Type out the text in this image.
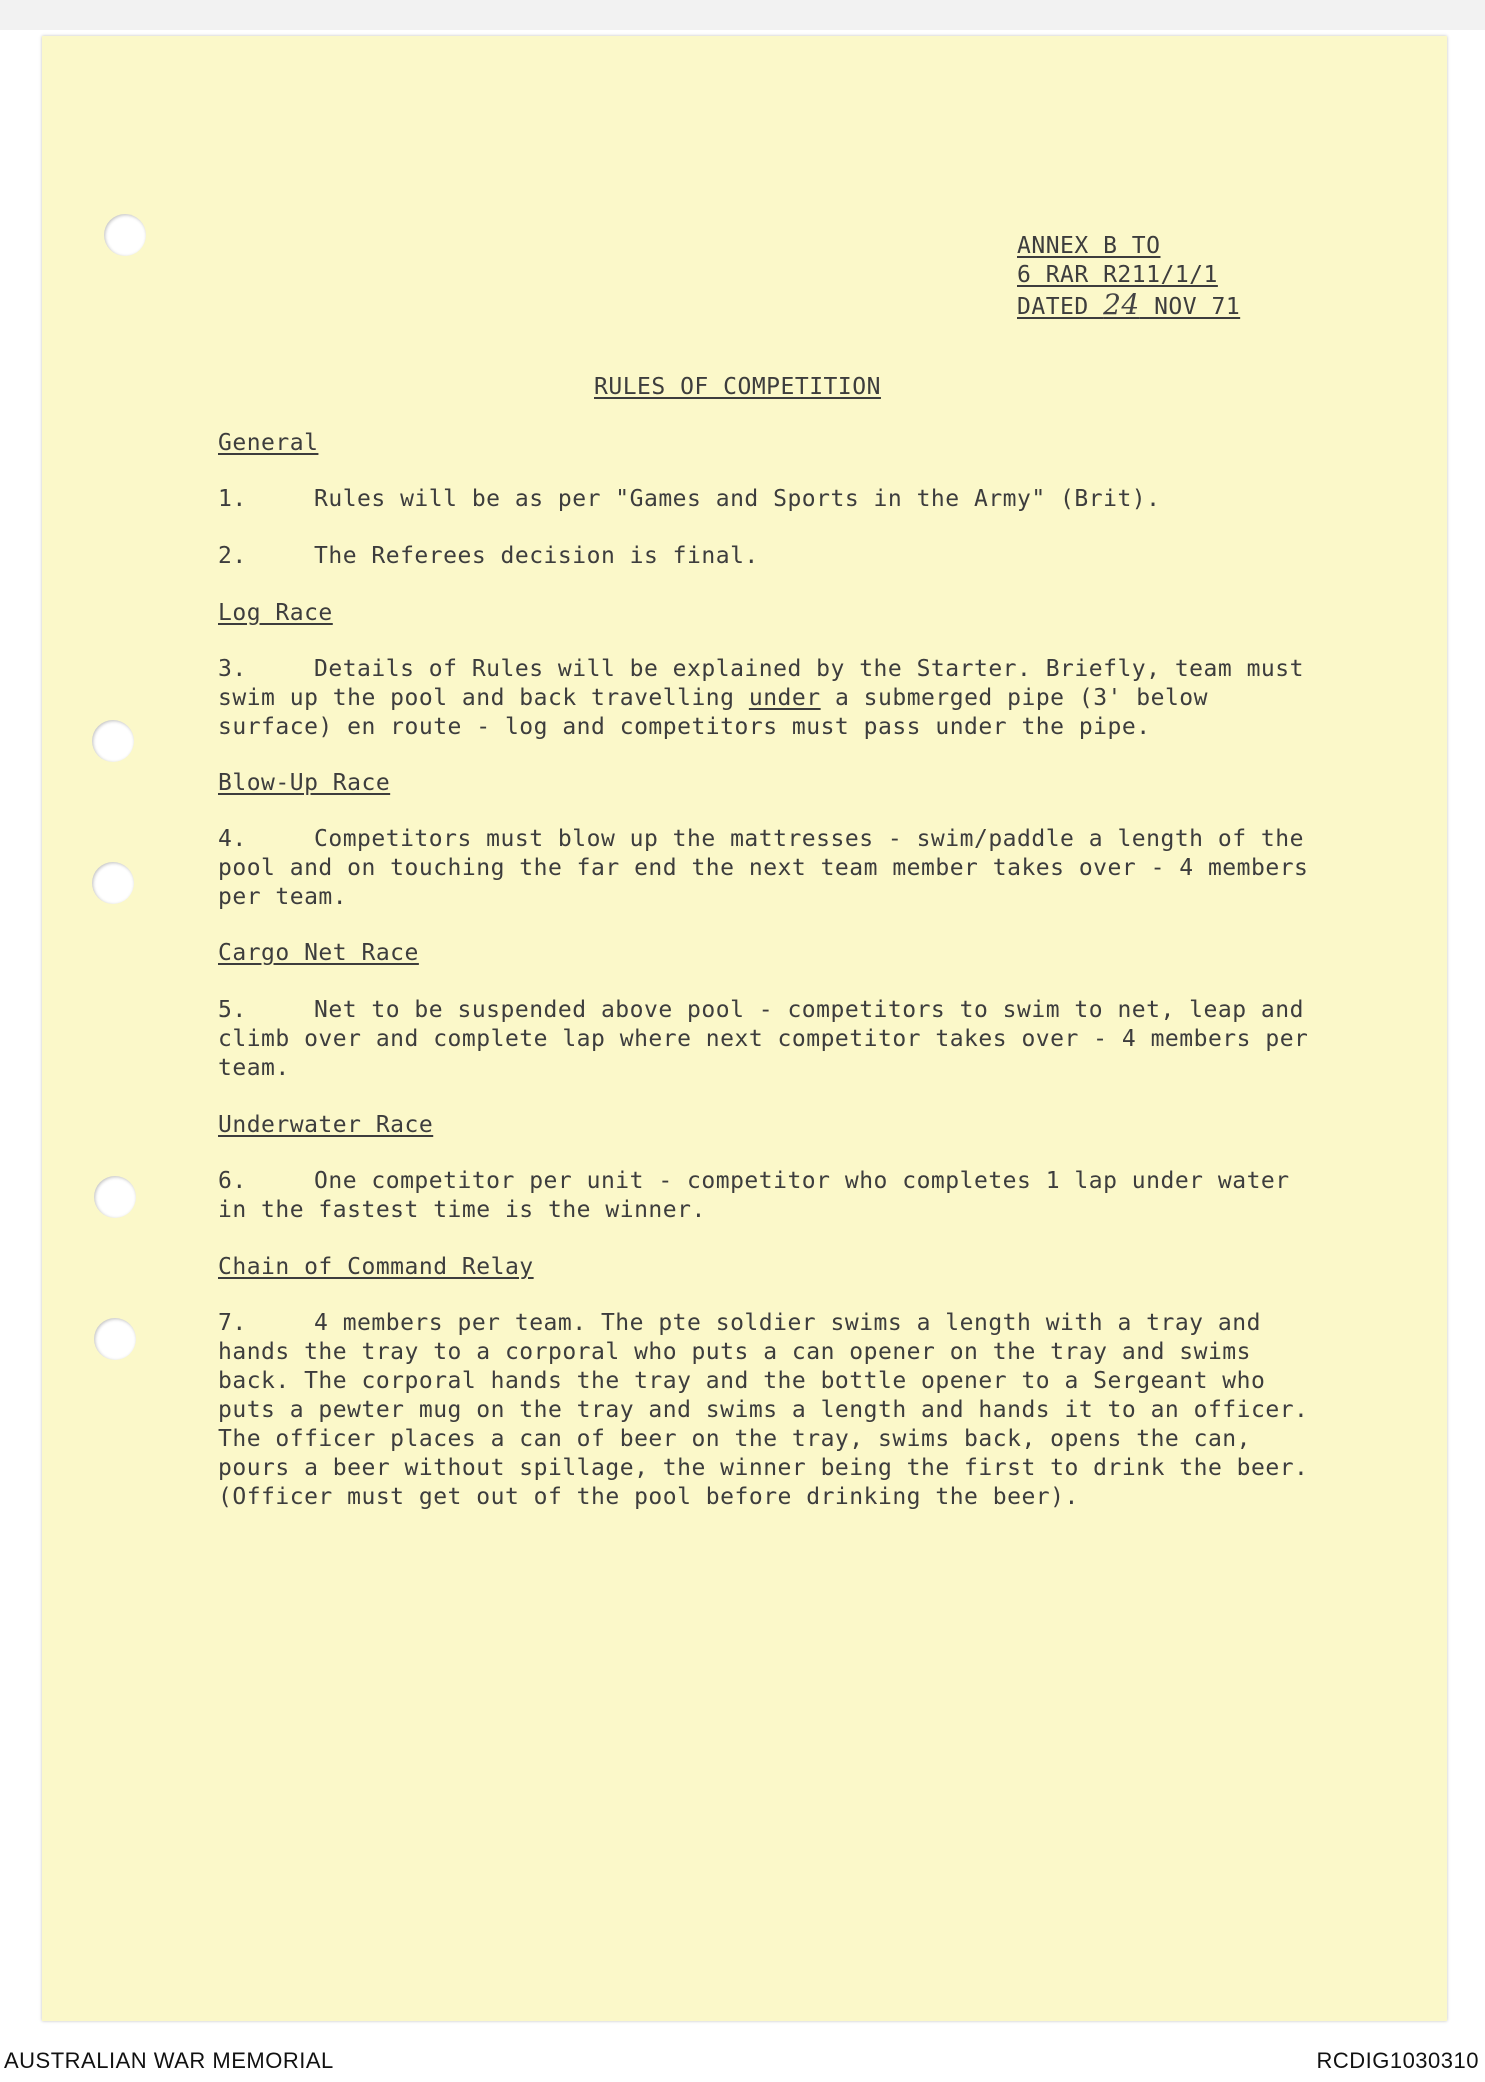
ANNEX B TO
6 RAR R211/1/1
DATED 24 NOV 71
RULES OF COMPETITION
General

1.	Rules will be as per "Games and Sports in the Army" (Brit).

2.	The Referees decision is final.

Log Race

3.	Details of Rules will be explained by the Starter. Briefly, team must swim up the pool and back travelling under a submerged pipe (3' below surface) en route - log and competitors must pass under the pipe.

Blow-Up Race

4.	Competitors must blow up the mattresses - swim/paddle a length of the pool and on touching the far end the next team member takes over - 4 members per team.

Cargo Net Race

5.	Net to be suspended above pool - competitors to swim to net, leap and climb over and complete lap where next competitor takes over - 4 members per team.

Underwater Race

6.	One competitor per unit - competitor who completes 1 lap under water in the fastest time is the winner.

Chain of Command Relay

7.	4 members per team. The pte soldier swims a length with a tray and hands the tray to a corporal who puts a can opener on the tray and swims back. The corporal hands the tray and the bottle opener to a Sergeant who puts a pewter mug on the tray and swims a length and hands it to an officer. The officer places a can of beer on the tray, swims back, opens the can, pours a beer without spillage, the winner being the first to drink the beer. (Officer must get out of the pool before drinking the beer).

AUSTRALIAN WAR MEMORIAL	RCDIG1030310
